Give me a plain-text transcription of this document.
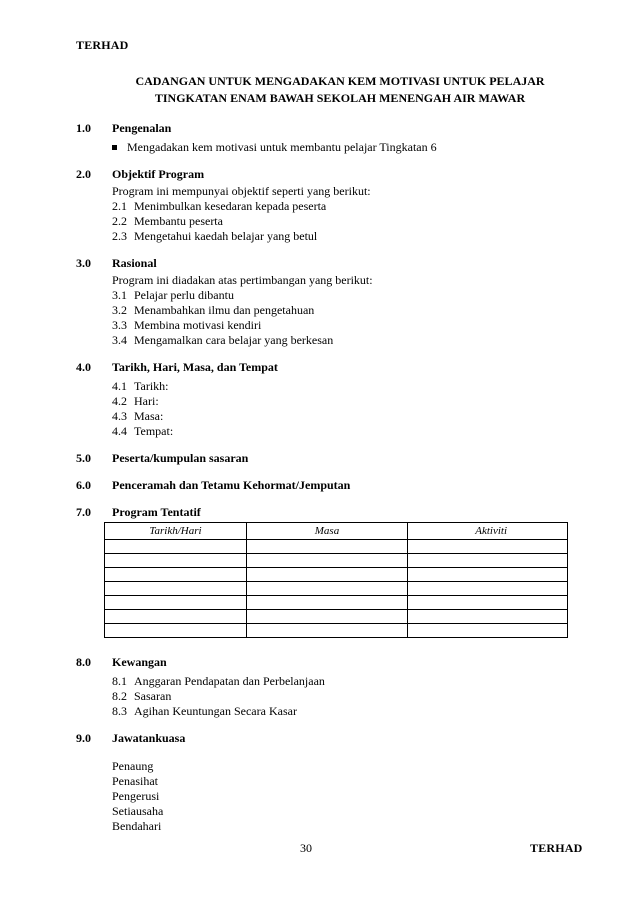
TERHAD
CADANGAN UNTUK MENGADAKAN KEM MOTIVASI UNTUK PELAJAR
TINGKATAN ENAM BAWAH SEKOLAH MENENGAH AIR MAWAR
1.0 Pengenalan
Mengadakan kem motivasi untuk membantu pelajar Tingkatan 6
2.0 Objektif Program
Program ini mempunyai objektif seperti yang berikut:
2.1 Menimbulkan kesedaran kepada peserta
2.2 Membantu peserta
2.3 Mengetahui kaedah belajar yang betul
3.0 Rasional
Program ini diadakan atas pertimbangan yang berikut:
3.1 Pelajar perlu dibantu
3.2 Menambahkan ilmu dan pengetahuan
3.3 Membina motivasi kendiri
3.4 Mengamalkan cara belajar yang berkesan
4.0 Tarikh, Hari, Masa, dan Tempat
4.1 Tarikh:
4.2 Hari:
4.3 Masa:
4.4 Tempat:
5.0 Peserta/kumpulan sasaran
6.0 Penceramah dan Tetamu Kehormat/Jemputan
7.0 Program Tentatif
Tarikh/Hari	Masa	Aktiviti

8.0 Kewangan
8.1 Anggaran Pendapatan dan Perbelanjaan
8.2 Sasaran
8.3 Agihan Keuntungan Secara Kasar
9.0 Jawatankuasa
Penaung
Penasihat
Pengerusi
Setiausaha
Bendahari
30	TERHAD
